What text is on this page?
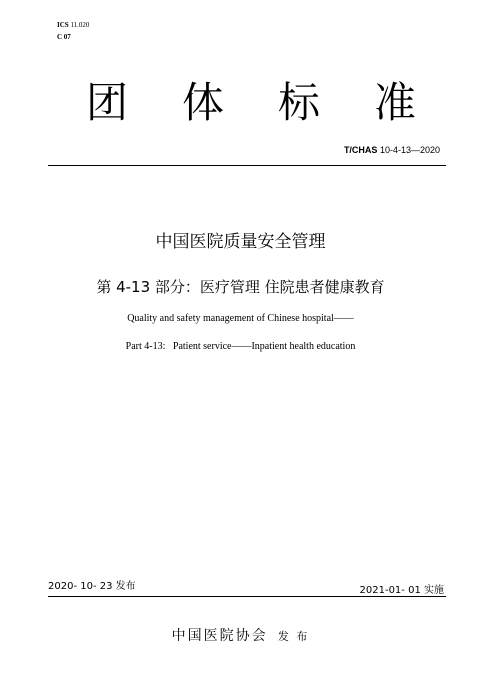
ICS 11.020
C 07
团 体 标 准
T/CHAS 10-4-13—2020
中国医院质量安全管理
第 4-13 部分：医疗管理 住院患者健康教育
Quality and safety management of Chinese hospital——
Part 4-13:   Patient service——Inpatient health education
2020- 10- 23 发布	2021-01- 01 实施
中国医院协会 发 布
